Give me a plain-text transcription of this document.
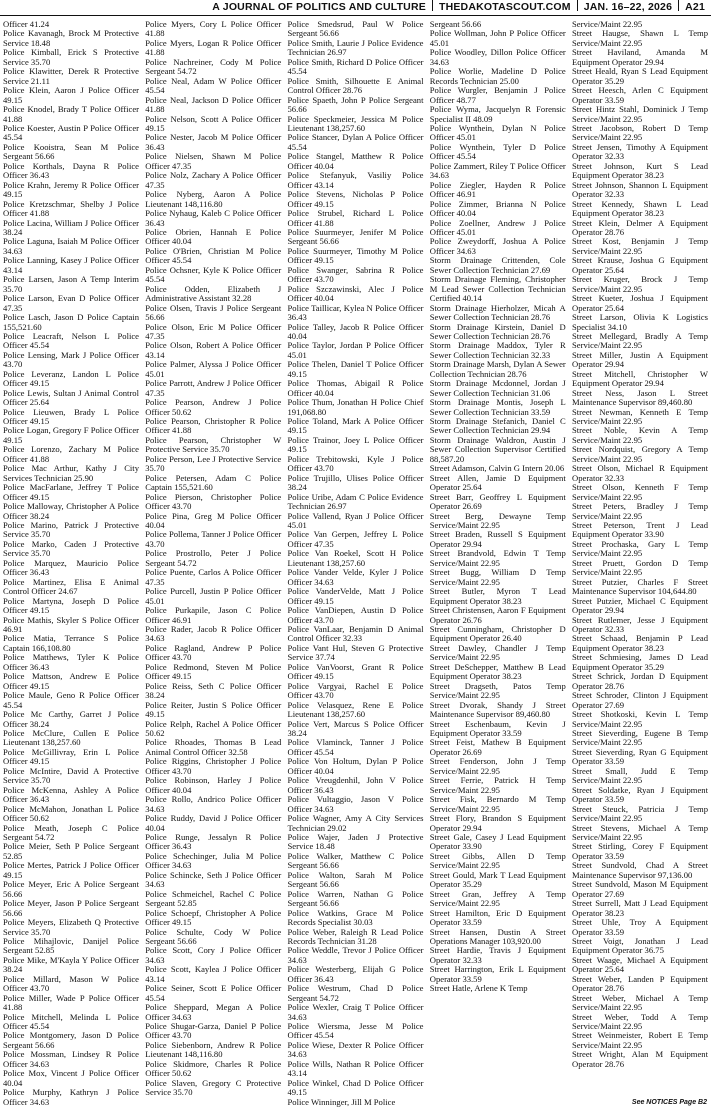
A JOURNAL OF POLITICS AND CULTURE THEDAKOTASCOUT.COM JAN. 16–22, 2026 A21

Officer 41.24

Police Kavanagh, Brock M Protective Service 18.48

Police Kimball, Erick S Protective Service 35.70

Police Klawitter, Derek R Protective Service 21.11

Police Klein, Aaron J Police Officer 49.15

Police Knodel, Brady T Police Officer 41.88

Police Koester, Austin P Police Officer 45.54

Police Kooistra, Sean M Police Sergeant 56.66

Police Korthals, Dayna R Police Officer 36.43

Police Krahn, Jeremy R Police Officer 49.15

Police Kretzschmar, Shelby J Police Officer 41.88

Police Lacina, William J Police Officer 38.24

Police Laguna, Isaiah M Police Officer 34.63

Police Lanning, Kasey J Police Officer 43.14

Police Larsen, Jason A Temp Interim 35.70

Police Larson, Evan D Police Officer 47.35

Police Lasch, Jason D Police Captain 155,521.60

Police Leacraft, Nelson L Police Officer 45.54

Police Lensing, Mark J Police Officer 43.70

Police Leveranz, Landon L Police Officer 49.15

Police Lewis, Sultan J Animal Control Officer 25.64

Police Lieuwen, Brady L Police Officer 49.15

Police Logan, Gregory F Police Officer 49.15

Police Lorenzo, Zachary M Police Officer 41.88

Police Mac Arthur, Kathy J City Services Technician 25.90

Police MacFarlane, Jeffrey T Police Officer 49.15

Police Malloway, Christopher A Police Officer 38.24

Police Marino, Patrick J Protective Service 35.70

Police Marko, Caden J Protective Service 35.70

Police Marquez, Mauricio Police Officer 36.43

Police Martinez, Elisa E Animal Control Officer 24.67

Police Martyna, Joseph D Police Officer 49.15

Police Mathis, Skyler S Police Officer 46.91

Police Matia, Terrance S Police Captain 166,108.80

Police Matthews, Tyler K Police Officer 36.43

Police Mattson, Andrew E Police Officer 49.15

Police Maule, Geno R Police Officer 45.54

Police Mc Carthy, Garret J Police Officer 38.24

Police McClure, Cullen E Police Lieutenant 138,257.60

Police McGillivray, Erin L Police Officer 49.15

Police McIntire, David A Protective Service 35.70

Police McKenna, Ashley A Police Officer 36.43

Police McMahon, Jonathan L Police Officer 50.62

Police Meath, Joseph C Police Sergeant 54.72

Police Meier, Seth P Police Sergeant 52.85

Police Mertes, Patrick J Police Officer 49.15

Police Meyer, Eric A Police Sergeant 56.66

Police Meyer, Jason P Police Sergeant 56.66

Police Meyers, Elizabeth Q Protective Service 35.70

Police Mihajlovic, Danijel Police Sergeant 52.85

Police Mike, M'Kayla Y Police Officer 38.24

Police Millard, Mason W Police Officer 43.70

Police Miller, Wade P Police Officer 41.88

Police Mitchell, Melinda L Police Officer 45.54

Police Montgomery, Jason D Police Sergeant 56.66

Police Mossman, Lindsey R Police Officer 34.63

Police Mox, Vincent J Police Officer 40.04

Police Murphy, Kathryn J Police Officer 34.63

Police Myers, Cory L Police Officer 41.88

Police Myers, Logan R Police Officer 41.88

Police Nachreiner, Cody M Police Sergeant 54.72

Police Neal, Adam W Police Officer 45.54

Police Neal, Jackson D Police Officer 41.88

Police Nelson, Scott A Police Officer 49.15

Police Nester, Jacob M Police Officer 36.43

Police Nielsen, Shawn M Police Officer 47.35

Police Nolz, Zachary A Police Officer 47.35

Police Nyberg, Aaron A Police Lieutenant 148,116.80

Police Nyhaug, Kaleb C Police Officer 36.43

Police Obrien, Hannah E Police Officer 40.04

Police O'Brien, Christian M Police Officer 45.54

Police Ochsner, Kyle K Police Officer 45.54

Police Odden, Elizabeth J Administrative Assistant 32.28

Police Olsen, Travis J Police Sergeant 56.66

Police Olson, Eric M Police Officer 47.35

Police Olson, Robert A Police Officer 43.14

Police Palmer, Alyssa J Police Officer 45.01

Police Parrott, Andrew J Police Officer 47.35

Police Pearson, Andrew J Police Officer 50.62

Police Pearson, Christopher R Police Officer 41.88

Police Pearson, Christopher W Protective Service 35.70

Police Person, Lee J Protective Service 35.70

Police Petersen, Adam C Police Captain 155,521.60

Police Pierson, Christopher Police Officer 43.70

Police Pina, Greg M Police Officer 40.04

Police Pollema, Tanner J Police Officer 43.70

Police Prostrollo, Peter J Police Sergeant 54.72

Police Puente, Carlos A Police Officer 47.35

Police Purcell, Justin P Police Officer 45.01

Police Purkapile, Jason C Police Officer 46.91

Police Rader, Jacob R Police Officer 34.63

Police Ragland, Andrew P Police Officer 43.70

Police Redmond, Steven M Police Officer 49.15

Police Reiss, Seth C Police Officer 38.24

Police Reiter, Justin S Police Officer 49.15

Police Relph, Rachel A Police Officer 50.62

Police Rhoades, Thomas B Lead Animal Control Officer 32.58

Police Riggins, Christopher J Police Officer 43.70

Police Robinson, Harley J Police Officer 40.04

Police Rollo, Andrico Police Officer 34.63

Police Ruddy, David J Police Officer 40.04

Police Runge, Jessalyn R Police Officer 36.43

Police Schechinger, Julia M Police Officer 34.63

Police Schincke, Seth J Police Officer 34.63

Police Schmeichel, Rachel C Police Sergeant 52.85

Police Schoepf, Christopher A Police Officer 49.15

Police Schulte, Cody W Police Sergeant 56.66

Police Scott, Cory J Police Officer 34.63

Police Scott, Kaylea J Police Officer 43.14

Police Seiner, Scott E Police Officer 45.54

Police Sheppard, Megan A Police Officer 34.63

Police Shugar-Garza, Daniel P Police Officer 43.70

Police Siebenborn, Andrew R Police Lieutenant 148,116.80

Police Skidmore, Charles R Police Officer 50.62

Police Slaven, Gregory C Protective Service 35.70

Police Smedsrud, Paul W Police Sergeant 56.66

Police Smith, Laurie J Police Evidence Technician 26.97

Police Smith, Richard D Police Officer 45.54

Police Smith, Silhouette E Animal Control Officer 28.76

Police Spaeth, John P Police Sergeant 56.66

Police Speckmeier, Jessica M Police Lieutenant 138,257.60

Police Stancer, Dylan A Police Officer 45.54

Police Stangel, Matthew R Police Officer 40.04

Police Stefanyuk, Vasiliy Police Officer 43.14

Police Stevens, Nicholas P Police Officer 49.15

Police Strubel, Richard L Police Officer 41.88

Police Suurmeyer, Jenifer M Police Sergeant 56.66

Police Suurmeyer, Timothy M Police Officer 49.15

Police Swanger, Sabrina R Police Officer 43.70

Police Szczawinski, Alec J Police Officer 40.04

Police Taillicar, Kylea N Police Officer 36.43

Police Talley, Jacob R Police Officer 40.04

Police Taylor, Jordan P Police Officer 45.01

Police Thelen, Daniel T Police Officer 49.15

Police Thomas, Abigail R Police Officer 40.04

Police Thum, Jonathan H Police Chief 191,068.80

Police Toland, Mark A Police Officer 49.15

Police Trainor, Joey L Police Officer 49.15

Police Trebitowski, Kyle J Police Officer 43.70

Police Trujillo, Ulises Police Officer 38.24

Police Uribe, Adam C Police Evidence Technician 26.97

Police Vallend, Ryan J Police Officer 45.01

Police Van Gerpen, Jeffrey L Police Officer 47.35

Police Van Roekel, Scott H Police Lieutenant 138,257.60

Police Vander Velde, Kyler J Police Officer 34.63

Police VanderVelde, Matt J Police Officer 49.15

Police VanDiepen, Austin D Police Officer 43.70

Police VanLaar, Benjamin D Animal Control Officer 32.33

Police Vant Hul, Steven G Protective Service 37.74

Police VanVoorst, Grant R Police Officer 49.15

Police Vargyai, Rachel E Police Officer 43.70

Police Velasquez, Rene E Police Lieutenant 138,257.60

Police Vert, Marcus S Police Officer 38.24

Police Vlaminck, Tanner J Police Officer 45.54

Police Von Holtum, Dylan P Police Officer 40.04

Police Vreugdenhil, John V Police Officer 36.43

Police Vultaggio, Jason V Police Officer 34.63

Police Wagner, Amy A City Services Technician 29.02

Police Wajer, Jaden J Protective Service 18.48

Police Walker, Matthew C Police Sergeant 56.66

Police Walton, Sarah M Police Sergeant 56.66

Police Warren, Nathan G Police Sergeant 56.66

Police Watkins, Grace M Police Records Specialist 30.03

Police Weber, Raleigh R Lead Police Records Technician 31.28

Police Weddle, Trevor J Police Officer 34.63

Police Westerberg, Elijah G Police Officer 36.43

Police Westrum, Chad D Police Sergeant 54.72

Police Wexler, Craig T Police Officer 34.63

Police Wiersma, Jesse M Police Officer 45.54

Police Wiese, Dexter R Police Officer 34.63

Police Wills, Nathan R Police Officer 43.14

Police Winkel, Chad D Police Officer 49.15

Police Winninger, Jill M Police

Sergeant 56.66

Police Wollman, John P Police Officer 45.01

Police Woodley, Dillon Police Officer 34.63

Police Worlie, Madeline D Police Records Technician 25.00

Police Wurgler, Benjamin J Police Officer 48.77

Police Wyma, Jacquelyn R Forensic Specialist II 48.09

Police Wynthein, Dylan N Police Officer 45.01

Police Wynthein, Tyler D Police Officer 45.54

Police Zammert, Riley T Police Officer 34.63

Police Ziegler, Hayden R Police Officer 46.91

Police Zimmer, Brianna N Police Officer 40.04

Police Zoellner, Andrew J Police Officer 45.01

Police Zweydorff, Joshua A Police Officer 34.63

Storm Drainage Crittenden, Cole Sewer Collection Technician 27.69

Storm Drainage Fleming, Christopher M Lead Sewer Collection Technician Certified 40.14

Storm Drainage Hierholzer, Micah A Sewer Collection Technician 28.76

Storm Drainage Kirstein, Daniel D Sewer Collection Technician 28.76

Storm Drainage Maddox, Tyler R Sewer Collection Technician 32.33

Storm Drainage Marsh, Dylan A Sewer Collection Technician 28.76

Storm Drainage Mcdonnel, Jordan J Sewer Collection Technician 31.06

Storm Drainage Montis, Joseph L Sewer Collection Technician 33.59

Storm Drainage Stefanich, Daniel C Sewer Collection Technician 29.94

Storm Drainage Waldron, Austin J Sewer Collection Supervisor Certified 88,587.20

Street Adamson, Calvin G Intern 20.06

Street Allen, Jamie D Equipment Operator 25.64

Street Barr, Geoffrey L Equipment Operator 26.69

Street Berg, Dewayne Temp Service/Maint 22.95

Street Braden, Russell S Equipment Operator 29.94

Street Brandvold, Edwin T Temp Service/Maint 22.95

Street Bugg, William D Temp Service/Maint 22.95

Street Butler, Myron T Lead Equipment Operator 38.23

Street Christensen, Aaron F Equipment Operator 26.76

Street Cunningham, Christopher D Equipment Operator 26.40

Street Dawley, Chandler J Temp Service/Maint 22.95

Street DeSchepper, Matthew B Lead Equipment Operator 38.23

Street Dragseth, Patos Temp Service/Maint 22.95

Street Dvorak, Shandy J Street Maintenance Supervisor 89,460.80

Street Eschenbaum, Kevin J Equipment Operator 33.59

Street Feist, Mathew B Equipment Operator 26.69

Street Fenderson, John J Temp Service/Maint 22.95

Street Ferrie, Patrick H Temp Service/Maint 22.95

Street Fisk, Bernardo M Temp Service/Maint 22.95

Street Flory, Brandon S Equipment Operator 29.94

Street Gale, Casey J Lead Equipment Operator 33.90

Street Gibbs, Allen D Temp Service/Maint 22.95

Street Gould, Mark T Lead Equipment Operator 35.29

Street Gran, Jeffrey A Temp Service/Maint 22.95

Street Hamilton, Eric D Equipment Operator 33.59

Street Hansen, Dustin A Street Operations Manager 103,920.00

Street Hardie, Travis J Equipment Operator 32.33

Street Harrington, Erik L Equipment Operator 33.59

Street Hatle, Arlene K Temp

Service/Maint 22.95

Street Haugse, Shawn L Temp Service/Maint 22.95

Street Haviland, Amanda M Equipment Operator 29.94

Street Heald, Ryan S Lead Equipment Operator 35.29

Street Heesch, Arlen C Equipment Operator 33.59

Street Hintz Stahl, Dominick J Temp Service/Maint 22.95

Street Jacobson, Robert D Temp Service/Maint 22.95

Street Jensen, Timothy A Equipment Operator 32.33

Street Johnson, Kurt S Lead Equipment Operator 38.23

Street Johnson, Shannon L Equipment Operator 32.33

Street Kennedy, Shawn L Lead Equipment Operator 38.23

Street Klein, Delmer A Equipment Operator 28.76

Street Kost, Benjamin J Temp Service/Maint 22.95

Street Krause, Joshua G Equipment Operator 25.64

Street Kruger, Brock J Temp Service/Maint 22.95

Street Kueter, Joshua J Equipment Operator 25.64

Street Larson, Olivia K Logistics Specialist 34.10

Street Mellegard, Bradly A Temp Service/Maint 22.95

Street Miller, Justin A Equipment Operator 29.94

Street Mitchell, Christopher W Equipment Operator 29.94

Street Ness, Jason L Street Maintenance Supervisor 89,460.80

Street Newman, Kenneth E Temp Service/Maint 22.95

Street Noble, Kevin A Temp Service/Maint 22.95

Street Nordquist, Gregory A Temp Service/Maint 22.95

Street Olson, Michael R Equipment Operator 32.33

Street Olson, Kenneth F Temp Service/Maint 22.95

Street Peters, Bradley J Temp Service/Maint 22.95

Street Peterson, Trent J Lead Equipment Operator 33.90

Street Prochaska, Gary L Temp Service/Maint 22.95

Street Pruett, Gordon D Temp Service/Maint 22.95

Street Putzier, Charles F Street Maintenance Supervisor 104,644.80

Street Putzier, Michael C Equipment Operator 29.94

Street Rutlemer, Jesse J Equipment Operator 32.33

Street Schaad, Benjamin P Lead Equipment Operator 38.23

Street Schmiesing, James D Lead Equipment Operator 35.29

Street Schrick, Jordan D Equipment Operator 28.76

Street Schroder, Clinton J Equipment Operator 27.69

Street Shotkoski, Kevin L Temp Service/Maint 22.95

Street Sieverding, Eugene B Temp Service/Maint 22.95

Street Sieverding, Ryan G Equipment Operator 33.59

Street Small, Judd E Temp Service/Maint 22.95

Street Soldatke, Ryan J Equipment Operator 33.59

Street Steuck, Patricia J Temp Service/Maint 22.95

Street Stevens, Michael A Temp Service/Maint 22.95

Street Stirling, Corey F Equipment Operator 33.59

Street Sundvold, Chad A Street Maintenance Supervisor 97,136.00

Street Sundvold, Mason M Equipment Operator 27.69

Street Surrell, Matt J Lead Equipment Operator 38.23

Street Uhle, Troy A Equipment Operator 33.59

Street Voigt, Jonathan J Lead Equipment Operator 36.75

Street Waage, Michael A Equipment Operator 25.64

Street Weber, Landen P Equipment Operator 28.76

Street Weber, Michael A Temp Service/Maint 22.95

Street Weber, Todd A Temp Service/Maint 22.95

Street Weinmeister, Robert E Temp Service/Maint 22.95

Street Wright, Alan M Equipment Operator 28.76

See NOTICES Page B2
